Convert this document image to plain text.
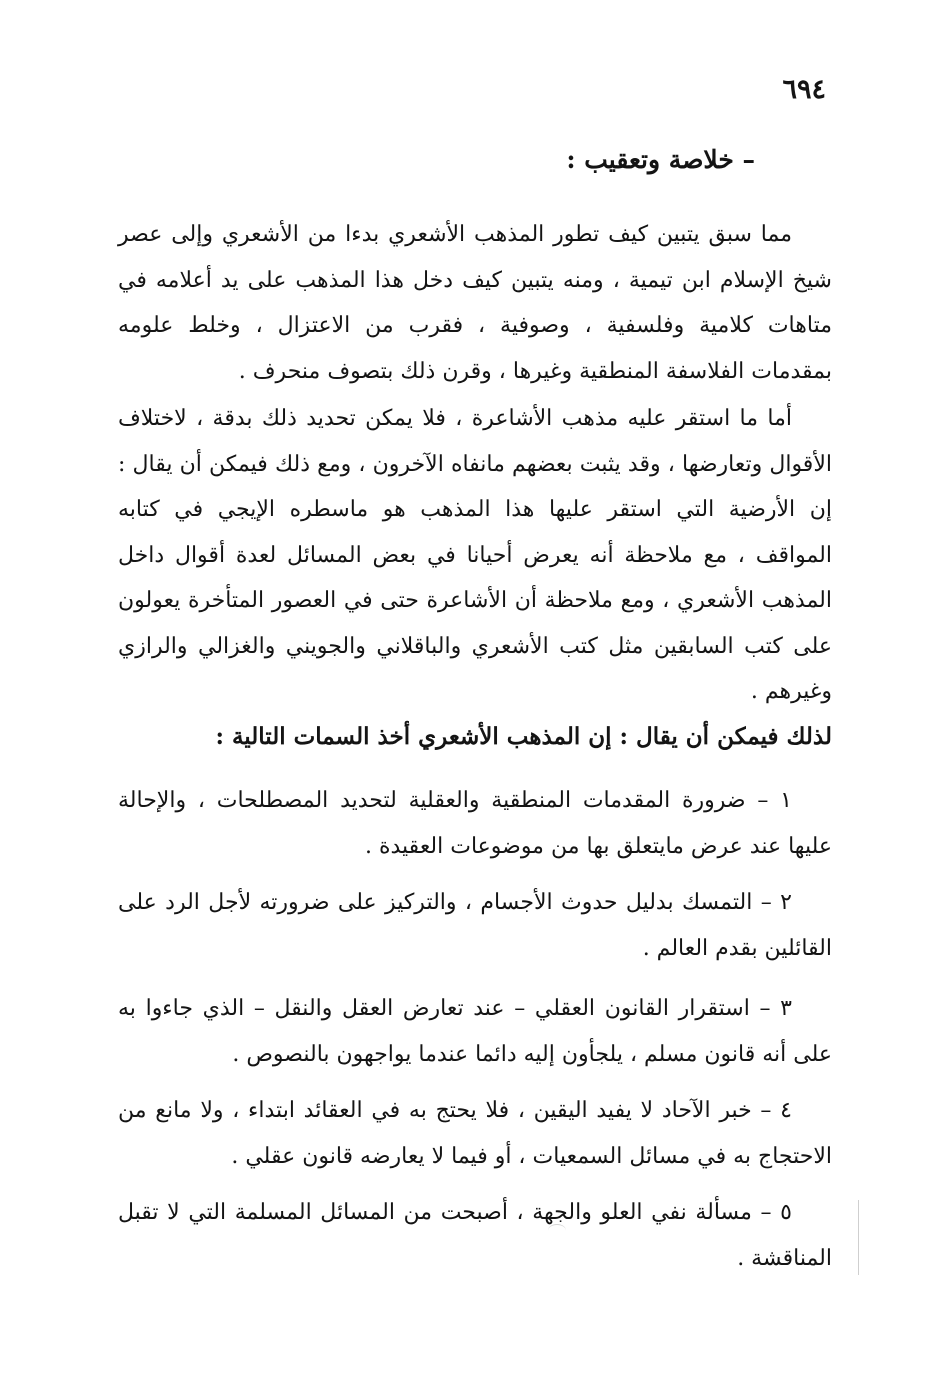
٦٩٤
– خلاصة وتعقيب :

مما سبق يتبين كيف تطور المذهب الأشعري بدءا من الأشعري وإلى عصر شيخ الإسلام ابن تيمية ، ومنه يتبين كيف دخل هذا المذهب على يد أعلامه في متاهات كلامية وفلسفية ، وصوفية ، فقرب من الاعتزال ، وخلط علومه بمقدمات الفلاسفة المنطقية وغيرها ، وقرن ذلك بتصوف منحرف .

أما ما استقر عليه مذهب الأشاعرة ، فلا يمكن تحديد ذلك بدقة ، لاختلاف الأقوال وتعارضها ، وقد يثبت بعضهم مانفاه الآخرون ، ومع ذلك فيمكن أن يقال : إن الأرضية التي استقر عليها هذا المذهب هو ماسطره الإيجي في كتابه المواقف ، مع ملاحظة أنه يعرض أحيانا في بعض المسائل لعدة أقوال داخل المذهب الأشعري ، ومع ملاحظة أن الأشاعرة حتى في العصور المتأخرة يعولون على كتب السابقين مثل كتب الأشعري والباقلاني والجويني والغزالي والرازي وغيرهم .

لذلك فيمكن أن يقال : إن المذهب الأشعري أخذ السمات التالية :

١ – ضرورة المقدمات المنطقية والعقلية لتحديد المصطلحات ، والإحالة عليها عند عرض مايتعلق بها من موضوعات العقيدة .
٢ – التمسك بدليل حدوث الأجسام ، والتركيز على ضرورته لأجل الرد على القائلين بقدم العالم .
٣ – استقرار القانون العقلي – عند تعارض العقل والنقل – الذي جاءوا به على أنه قانون مسلم ، يلجأون إليه دائما عندما يواجهون بالنصوص .
٤ – خبر الآحاد لا يفيد اليقين ، فلا يحتج به في العقائد ابتداء ، ولا مانع من الاحتجاج به في مسائل السمعيات ، أو فيما لا يعارضه قانون عقلي .
٥ – مسألة نفي العلو والجهة ، أصبحت من المسائل المسلمة التي لا تقبل المناقشة .
